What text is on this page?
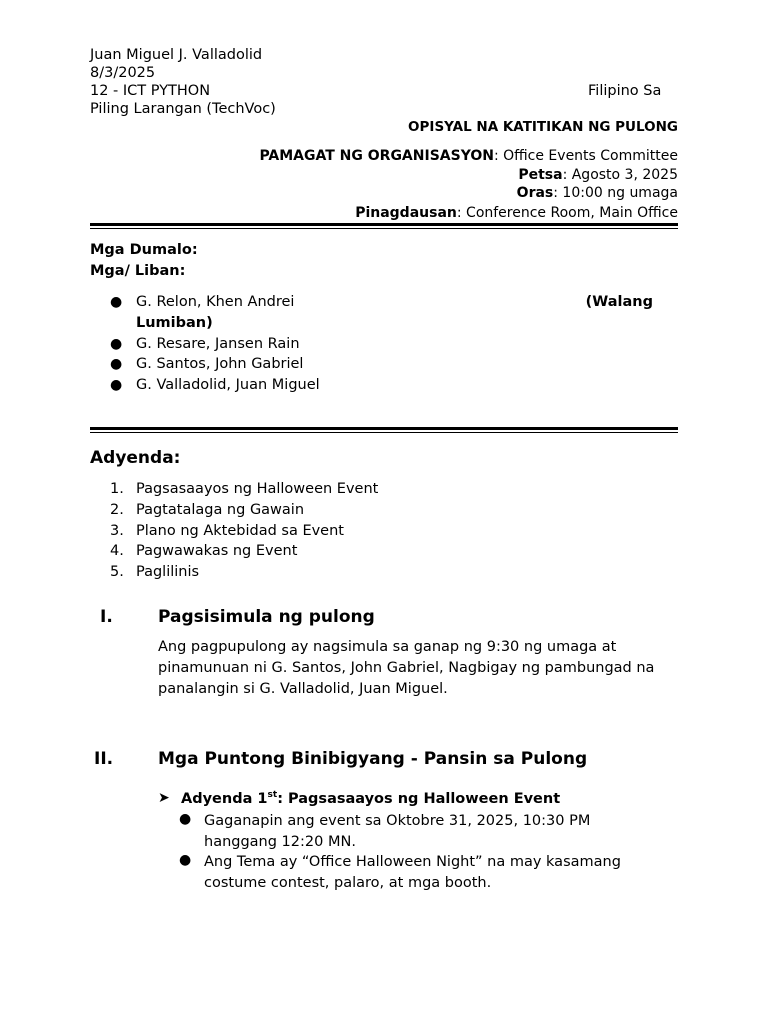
Juan Miguel J. Valladolid
8/3/2025
12 - ICT PYTHON	Filipino Sa
Piling Larangan (TechVoc)
OPISYAL NA KATITIKAN NG PULONG
PAMAGAT NG ORGANISASYON: Office Events Committee
Petsa: Agosto 3, 2025
Oras: 10:00 ng umaga
Pinagdausan: Conference Room, Main Office
Mga Dumalo:
Mga/ Liban:
● G. Relon, Khen Andrei	(Walang
Lumiban)
● G. Resare, Jansen Rain
● G. Santos, John Gabriel
● G. Valladolid, Juan Miguel
Adyenda:
1. Pagsasaayos ng Halloween Event
2. Pagtatalaga ng Gawain
3. Plano ng Aktebidad sa Event
4. Pagwawakas ng Event
5. Paglilinis
I.	Pagsisimula ng pulong
Ang pagpupulong ay nagsimula sa ganap ng 9:30 ng umaga at
pinamunuan ni G. Santos, John Gabriel, Nagbigay ng pambungad na
panalangin si G. Valladolid, Juan Miguel.
II.	Mga Puntong Binibigyang - Pansin sa Pulong
➤ Adyenda 1st: Pagsasaayos ng Halloween Event
● Gaganapin ang event sa Oktobre 31, 2025, 10:30 PM
hanggang 12:20 MN.
● Ang Tema ay “Office Halloween Night” na may kasamang
costume contest, palaro, at mga booth.
